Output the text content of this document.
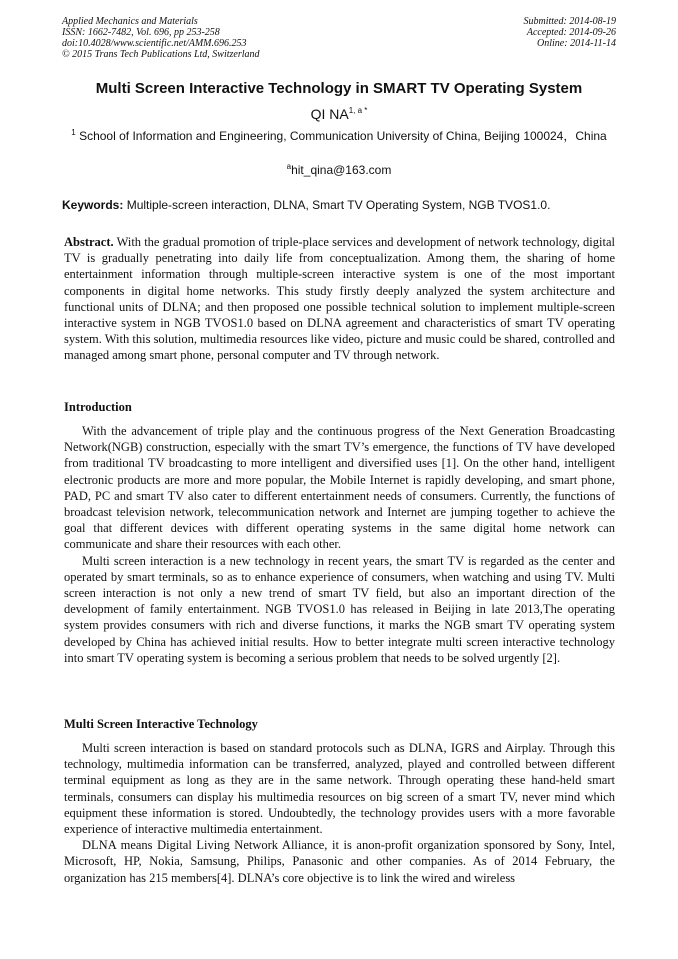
Applied Mechanics and Materials
ISSN: 1662-7482, Vol. 696, pp 253-258
doi:10.4028/www.scientific.net/AMM.696.253
© 2015 Trans Tech Publications Ltd, Switzerland
Submitted: 2014-08-19
Accepted: 2014-09-26
Online: 2014-11-14
Multi Screen Interactive Technology in SMART TV Operating System
QI $NA^{1, a *}$
$^1$ School of Information and Engineering, Communication University of China, Beijing 100024，China
$^a$hit_qina@163.com
Keywords: Multiple-screen interaction, DLNA, Smart TV Operating System, NGB TVOS1.0.

Abstract. With the gradual promotion of triple-place services and development of network technology, digital TV is gradually penetrating into daily life from conceptualization. Among them, the sharing of home entertainment information through multiple-screen interactive system is one of the most important components in digital home networks. This study firstly deeply analyzed the system architecture and functional units of DLNA; and then proposed one possible technical solution to implement multiple-screen interactive system in NGB TVOS1.0 based on DLNA agreement and characteristics of smart TV operating system. With this solution, multimedia resources like video, picture and music could be shared, controlled and managed among smart phone, personal computer and TV through network.

Introduction

With the advancement of triple play and the continuous progress of the Next Generation Broadcasting Network(NGB) construction, especially with the smart TV’s emergence, the functions of TV have developed from traditional TV broadcasting to more intelligent and diversified uses [1]. On the other hand, intelligent electronic products are more and more popular, the Mobile Internet is rapidly developing, and smart phone, PAD, PC and smart TV also cater to different entertainment needs of consumers. Currently, the functions of broadcast television network, telecommunication network and Internet are jumping together to achieve the goal that different devices with different operating systems in the same digital home network can communicate and share their resources with each other.

Multi screen interaction is a new technology in recent years, the smart TV is regarded as the center and operated by smart terminals, so as to enhance experience of consumers, when watching and using TV. Multi screen interaction is not only a new trend of smart TV field, but also an important direction of the development of family entertainment. NGB TVOS1.0 has released in Beijing in late 2013,The operating system provides consumers with rich and diverse functions, it marks the NGB smart TV operating system developed by China has achieved initial results. How to better integrate multi screen interactive technology into smart TV operating system is becoming a serious problem that needs to be solved urgently [2].

Multi Screen Interactive Technology

Multi screen interaction is based on standard protocols such as DLNA, IGRS and Airplay. Through this technology, multimedia information can be transferred, analyzed, played and controlled between different terminal equipment as long as they are in the same network. Through operating these hand-held smart terminals, consumers can display his multimedia resources on big screen of a smart TV, never mind which equipment these information is stored. Undoubtedly, the technology provides users with a more favorable experience of interactive multimedia entertainment.

DLNA means Digital Living Network Alliance, it is anon-profit organization sponsored by Sony, Intel, Microsoft, HP, Nokia, Samsung, Philips, Panasonic and other companies. As of 2014 February, the organization has 215 members[4]. DLNA’s core objective is to link the wired and wireless
